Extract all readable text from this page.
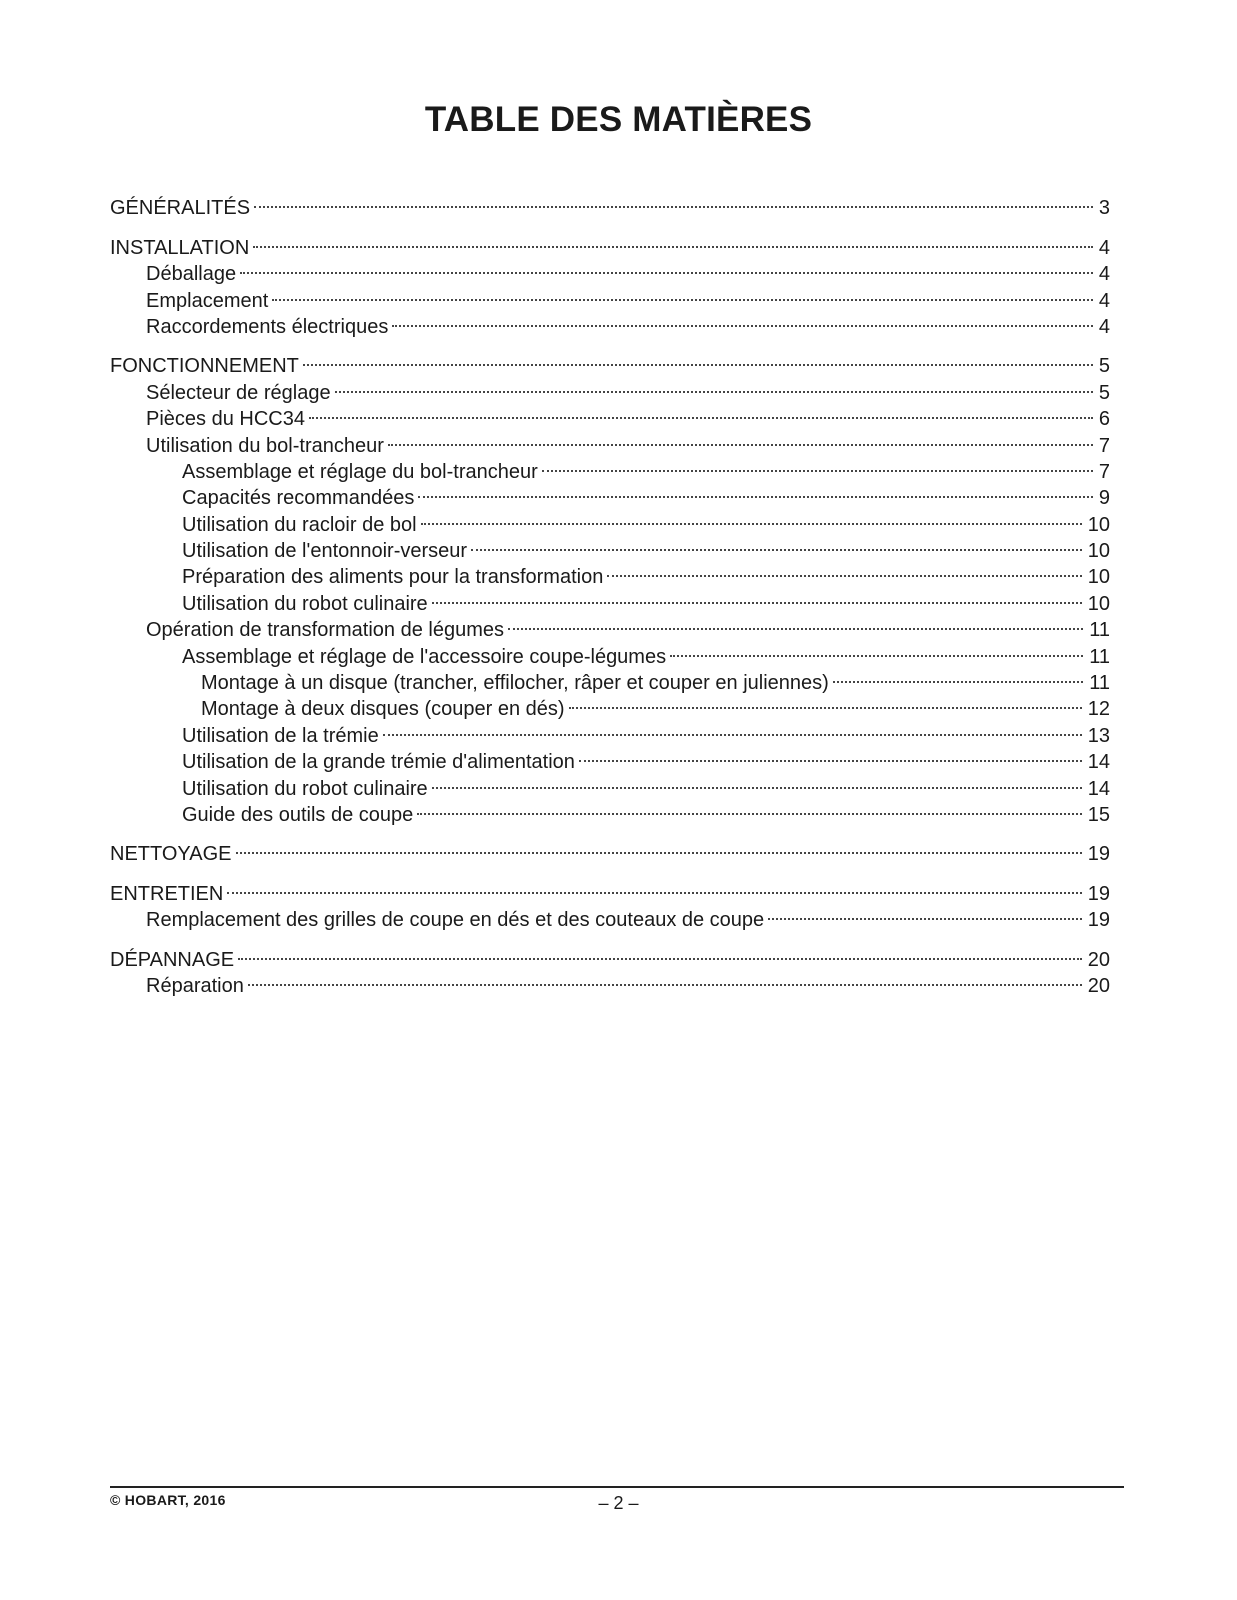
TABLE DES MATIÈRES
GÉNÉRALITÉS	3
INSTALLATION	4
Déballage	4
Emplacement	4
Raccordements électriques	4
FONCTIONNEMENT	5
Sélecteur de réglage	5
Pièces du HCC34	6
Utilisation du bol-trancheur	7
Assemblage et réglage du bol-trancheur	7
Capacités recommandées	9
Utilisation du racloir de bol	10
Utilisation de l'entonnoir-verseur	10
Préparation des aliments pour la transformation	10
Utilisation du robot culinaire	10
Opération de transformation de légumes	11
Assemblage et réglage de l'accessoire coupe-légumes	11
Montage à un disque (trancher, effilocher, râper et couper en juliennes)	11
Montage à deux disques (couper en dés)	12
Utilisation de la trémie	13
Utilisation de la grande trémie d'alimentation	14
Utilisation du robot culinaire	14
Guide des outils de coupe	15
NETTOYAGE	19
ENTRETIEN	19
Remplacement des grilles de coupe en dés et des couteaux de coupe	19
DÉPANNAGE	20
Réparation	20
© HOBART, 2016	– 2 –
